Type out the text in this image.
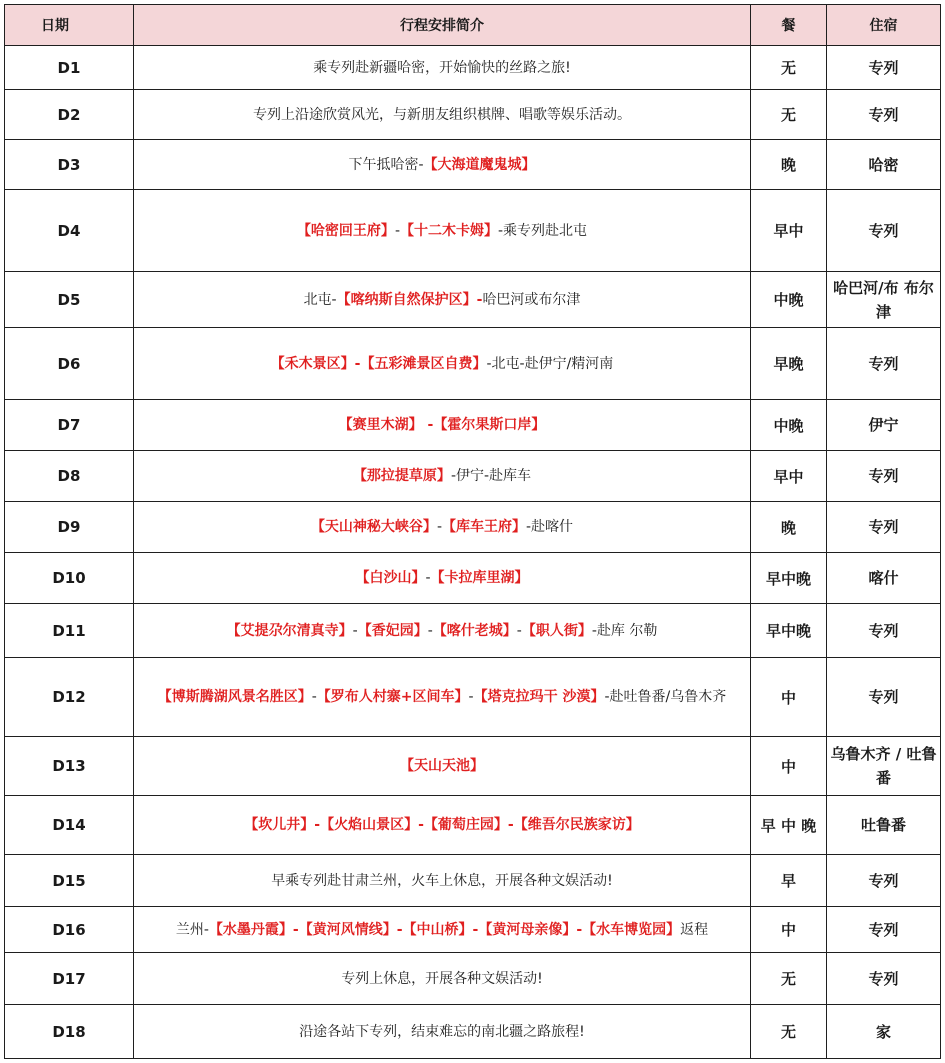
日期	行程安排简介	餐	住宿
D1	乘专列赴新疆哈密，开始愉快的丝路之旅!	无	专列
D2	专列上沿途欣赏风光，与新朋友组织棋牌、唱歌等娱乐活动。	无	专列
D3	下午抵哈密-【大海道魔鬼城】	晚	哈密
D4	【哈密回王府】-【十二木卡姆】-乘专列赴北屯	早中	专列
D5	北屯-【喀纳斯自然保护区】-哈巴河或布尔津	中晚	哈巴河/布 布尔津
D6	【禾木景区】-【五彩滩景区自费】-北屯-赴伊宁/精河南	早晚	专列
D7	【赛里木湖】 -【霍尔果斯口岸】	中晚	伊宁
D8	【那拉提草原】-伊宁-赴库车	早中	专列
D9	【天山神秘大峡谷】-【库车王府】-赴喀什	晚	专列
D10	【白沙山】-【卡拉库里湖】	早中晚	喀什
D11	【艾提尕尔清真寺】-【香妃园】-【喀什老城】-【职人街】-赴库 尔勒	早中晚	专列
D12	【博斯腾湖风景名胜区】-【罗布人村寨+区间车】-【塔克拉玛干 沙漠】-赴吐鲁番/乌鲁木齐	中	专列
D13	【天山天池】	中	乌鲁木齐 / 吐鲁番
D14	【坎儿井】-【火焰山景区】-【葡萄庄园】-【维吾尔民族家访】	早 中 晚	吐鲁番
D15	早乘专列赴甘肃兰州，火车上休息，开展各种文娱活动!	早	专列
D16	兰州-【水墨丹霞】-【黄河风情线】-【中山桥】-【黄河母亲像】-【水车博览园】返程	中	专列
D17	专列上休息，开展各种文娱活动!	无	专列
D18	沿途各站下专列，结束难忘的南北疆之路旅程!	无	家
